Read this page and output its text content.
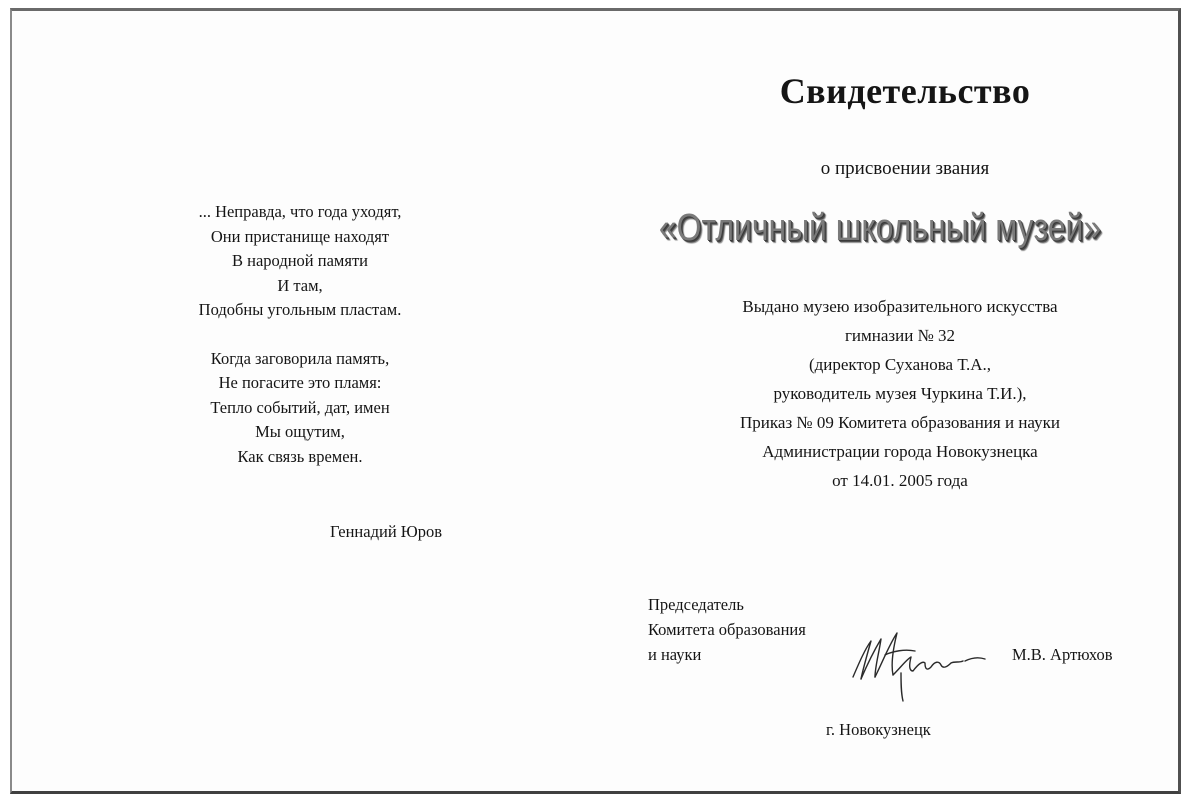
... Неправда, что года уходят,
Они пристанище находят
В народной памяти
И там,
Подобны угольным пластам.
Когда заговорила память,
Не погасите это пламя:
Тепло событий, дат, имен
Мы ощутим,
Как связь времен.
Геннадий Юров
Свидетельство
о присвоении звания
«Отличный школьный музей»
Выдано музею изобразительного искусства
гимназии № 32
(директор Суханова Т.А.,
руководитель музея Чуркина Т.И.),
Приказ № 09 Комитета образования и науки
Администрации города Новокузнецка
от 14.01. 2005 года
Председатель
Комитета образования
и науки	М.В. Артюхов
г. Новокузнецк
